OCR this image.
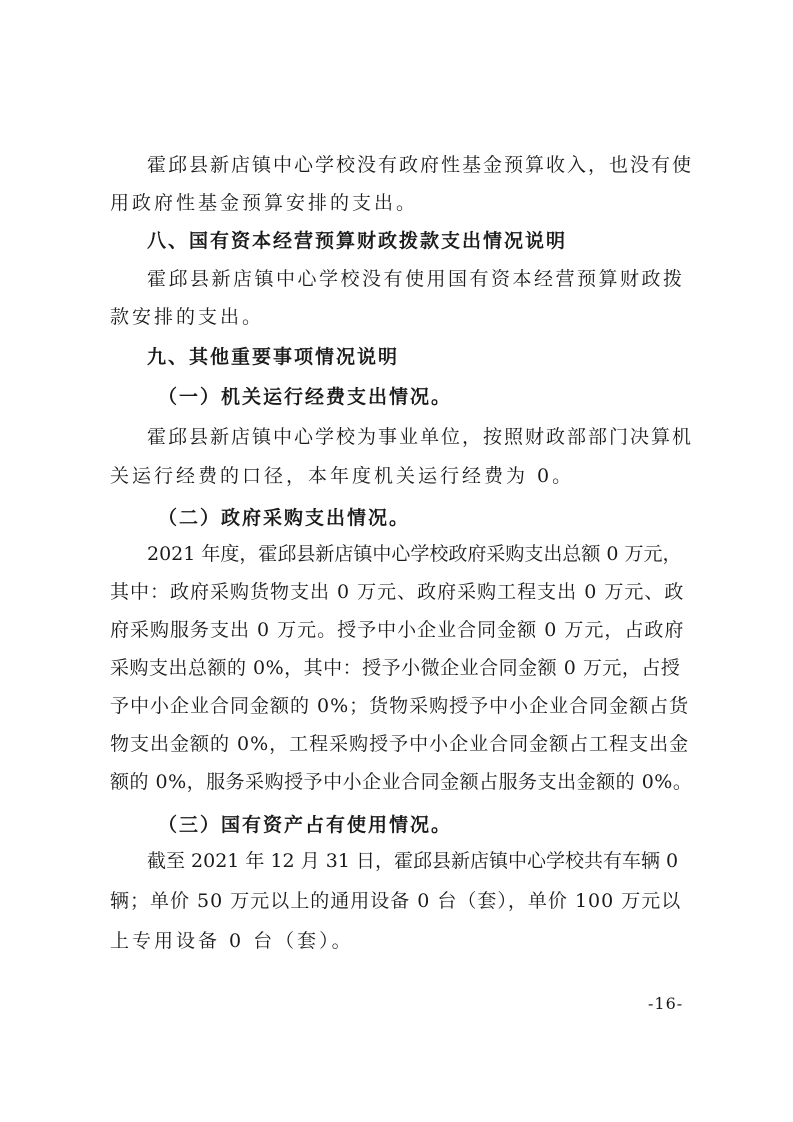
霍邱县新店镇中心学校没有政府性基金预算收入，也没有使
用政府性基金预算安排的支出。
八、国有资本经营预算财政拨款支出情况说明
霍邱县新店镇中心学校没有使用国有资本经营预算财政拨
款安排的支出。
九、其他重要事项情况说明
（一）机关运行经费支出情况。
霍邱县新店镇中心学校为事业单位，按照财政部部门决算机
关运行经费的口径，本年度机关运行经费为 0。
（二）政府采购支出情况。
2021 年度，霍邱县新店镇中心学校政府采购支出总额 0 万元，
其中：政府采购货物支出 0 万元、政府采购工程支出 0 万元、政
府采购服务支出 0 万元。授予中小企业合同金额 0 万元，占政府
采购支出总额的 0%，其中：授予小微企业合同金额 0 万元，占授
予中小企业合同金额的 0%；货物采购授予中小企业合同金额占货
物支出金额的 0%，工程采购授予中小企业合同金额占工程支出金
额的 0%，服务采购授予中小企业合同金额占服务支出金额的 0%。
（三）国有资产占有使用情况。
截至 2021 年 12 月 31 日，霍邱县新店镇中心学校共有车辆 0
辆；单价 50 万元以上的通用设备 0 台（套），单价 100 万元以
上专用设备 0 台（套）。
-16-
